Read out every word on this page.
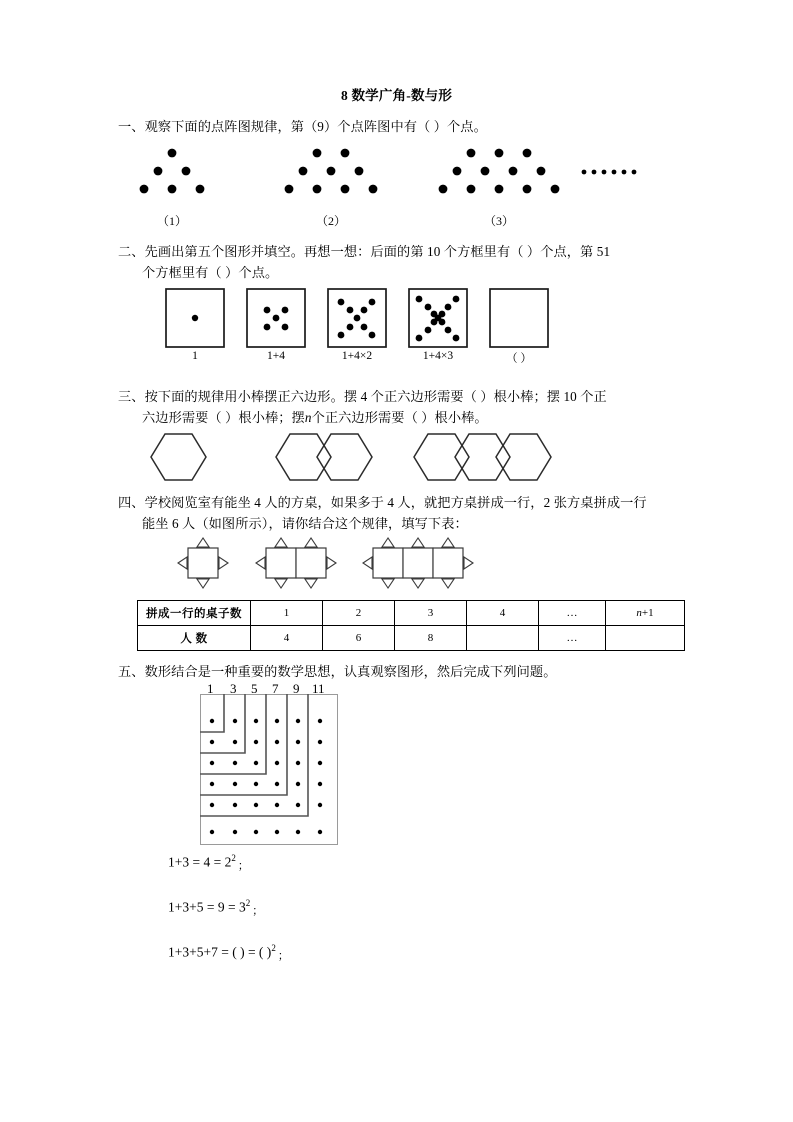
8 数学广角-数与形
一、观察下面的点阵图规律，第（9）个点阵图中有（ ）个点。
（1）	（2）	（3）
二、先画出第五个图形并填空。再想一想：后面的第 10 个方框里有（ ）个点，第 51
个方框里有（ ）个点。
1	1+4	1+4×2	1+4×3	（ ）
三、按下面的规律用小棒摆正六边形。摆 4 个正六边形需要（ ）根小棒；摆 10 个正
六边形需要（ ）根小棒；摆n个正六边形需要（ ）根小棒。
四、学校阅览室有能坐 4 人的方桌，如果多于 4 人，就把方桌拼成一行，2 张方桌拼成一行
能坐 6 人（如图所示），请你结合这个规律，填写下表：
拼成一行的桌子数	1	2	3	4	…	n+1
人 数	4	6	8		…	
五、数形结合是一种重要的数学思想，认真观察图形，然后完成下列问题。
1 3 5 7 9 11
$1+3 = 4 = 2^2$；
$1+3+5 = 9 = 3^2$；
1+3+5+7 = ( ) = ( )$^2$；
